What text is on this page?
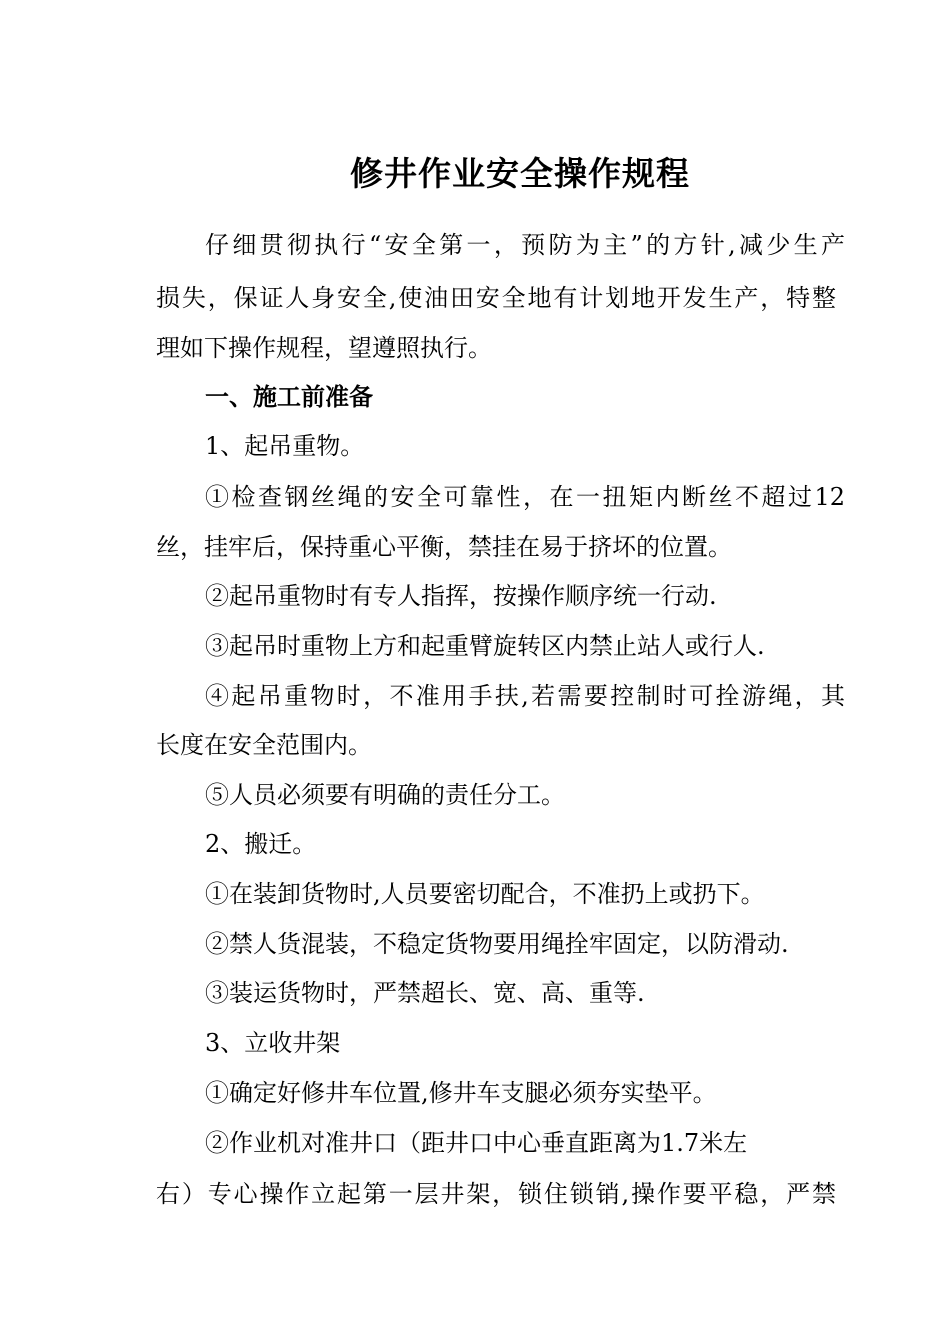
修井作业安全操作规程
仔细贯彻执行“安全第一，预防为主”的方针,减少生产
损失，保证人身安全,使油田安全地有计划地开发生产，特整
理如下操作规程，望遵照执行。
一、施工前准备
1、起吊重物。
①检查钢丝绳的安全可靠性，在一扭矩内断丝不超过12
丝，挂牢后，保持重心平衡，禁挂在易于挤坏的位置。
②起吊重物时有专人指挥，按操作顺序统一行动.
③起吊时重物上方和起重臂旋转区内禁止站人或行人.
④起吊重物时，不准用手扶,若需要控制时可拴游绳，其
长度在安全范围内。
⑤人员必须要有明确的责任分工。
2、搬迁。
①在装卸货物时,人员要密切配合，不准扔上或扔下。
②禁人货混装，不稳定货物要用绳拴牢固定，以防滑动.
③装运货物时，严禁超长、宽、高、重等.
3、立收井架
①确定好修井车位置,修井车支腿必须夯实垫平。
②作业机对准井口（距井口中心垂直距离为1.7米左
右）专心操作立起第一层井架，锁住锁销,操作要平稳，严禁
